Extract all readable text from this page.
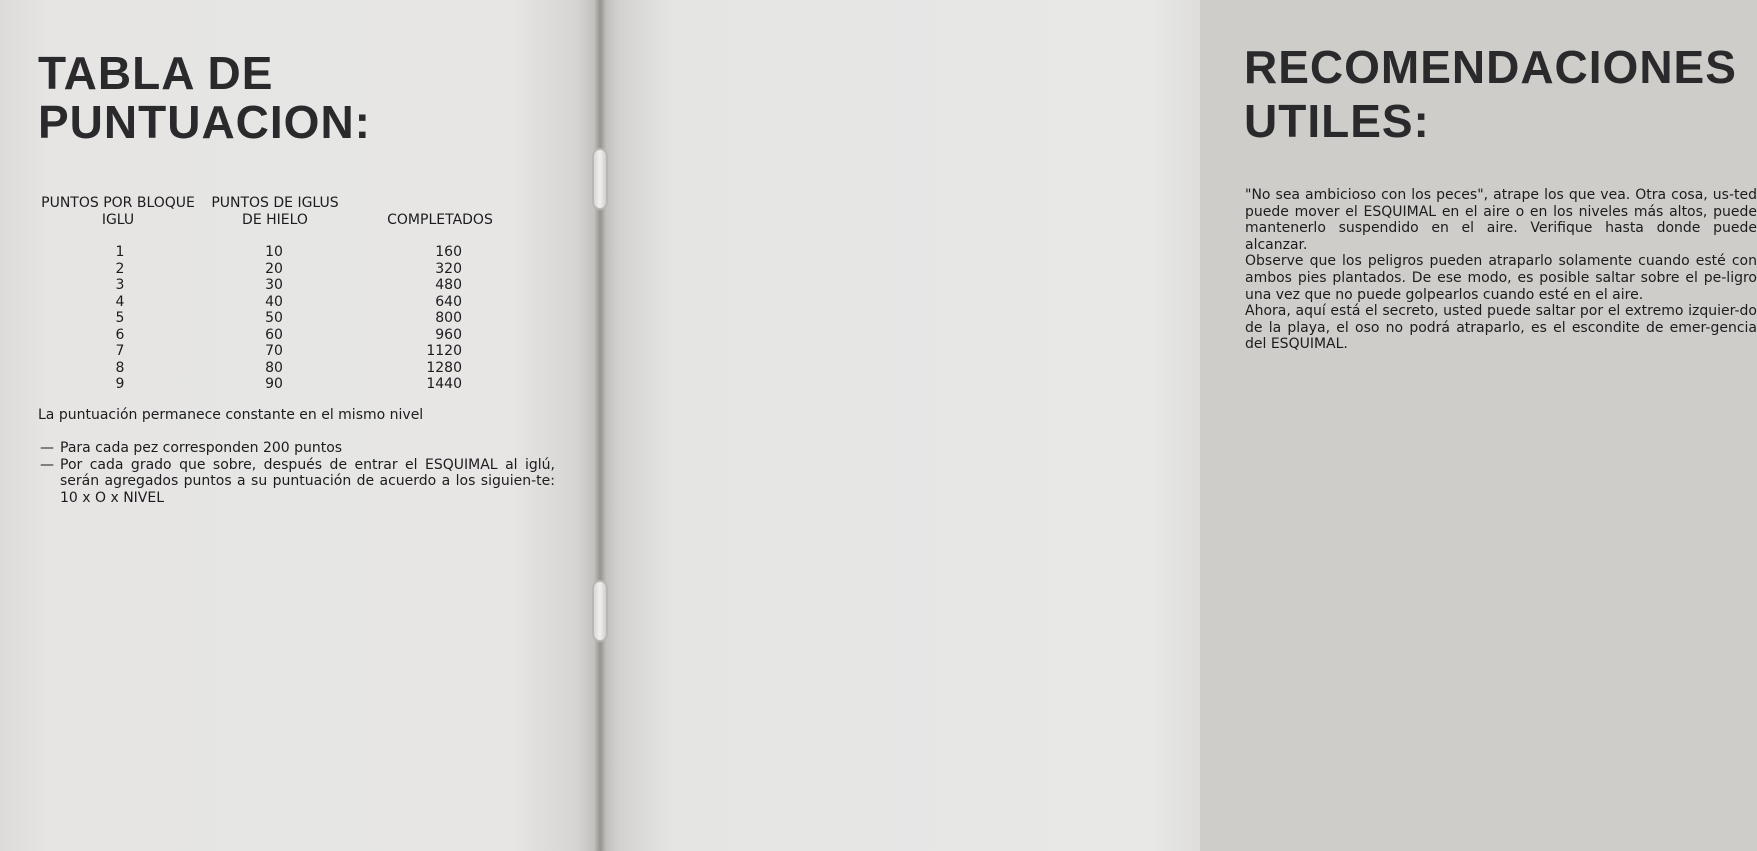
TABLA DE
PUNTUACION:
PUNTOS POR BLOQUE
IGLU
PUNTOS DE IGLUS
DE HIELO	COMPLETADOS
1
2
3
4
5
6
7
8
9
10
20
30
40
50
60
70
80
90
160
320
480
640
800
960
1120
1280
1440
La puntuación permanece constante en el mismo nivel
— Para cada pez corresponden 200 puntos
— Por cada grado que sobre, después de entrar el ESQUIMAL al iglú, serán agregados puntos a su puntuación de acuerdo a los siguien-te: 10 x O x NIVEL
RECOMENDACIONES
UTILES:

"No sea ambicioso con los peces", atrape los que vea. Otra cosa, us-ted puede mover el ESQUIMAL en el aire o en los niveles más altos, puede mantenerlo suspendido en el aire. Verifique hasta donde puede alcanzar.

Observe que los peligros pueden atraparlo solamente cuando esté con ambos pies plantados. De ese modo, es posible saltar sobre el pe-ligro una vez que no puede golpearlos cuando esté en el aire.

Ahora, aquí está el secreto, usted puede saltar por el extremo izquier-do de la playa, el oso no podrá atraparlo, es el escondite de emer-gencia del ESQUIMAL.
